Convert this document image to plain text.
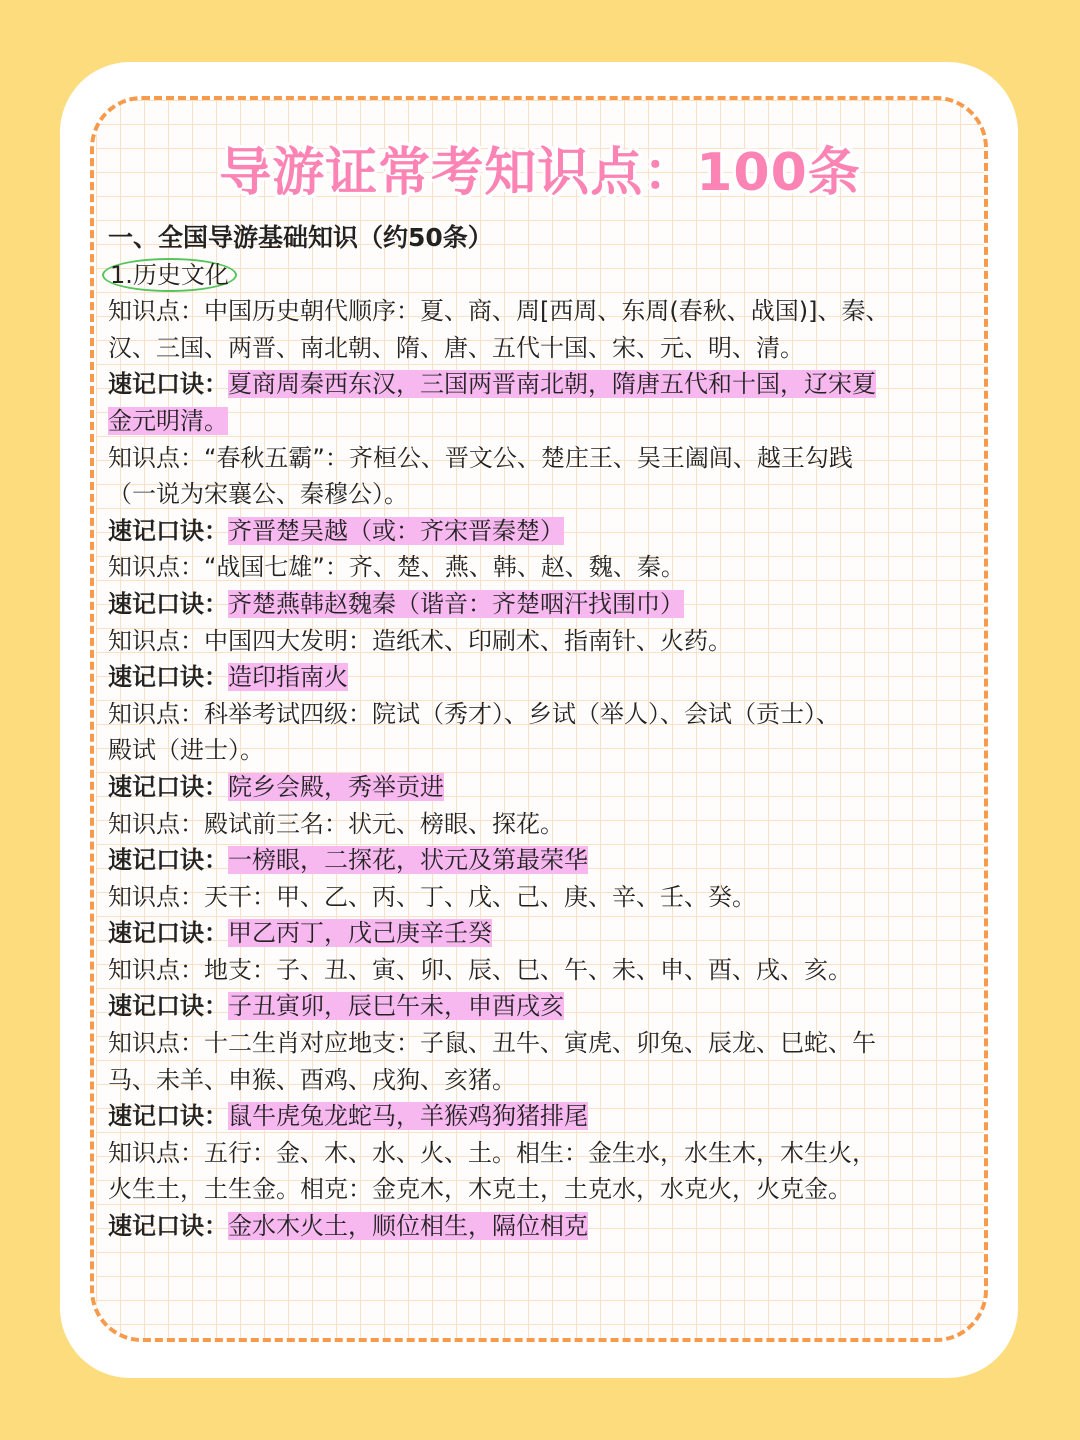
导游证常考知识点：100条
一、全国导游基础知识（约50条）
1.历史文化
知识点：中国历史朝代顺序：夏、商、周[西周、东周(春秋、战国)]、秦、
汉、三国、两晋、南北朝、隋、唐、五代十国、宋、元、明、清。
速记口诀：夏商周秦西东汉，三国两晋南北朝，隋唐五代和十国，辽宋夏
金元明清。
知识点：“春秋五霸”：齐桓公、晋文公、楚庄王、吴王阖闾、越王勾践
（一说为宋襄公、秦穆公）。
速记口诀：齐晋楚吴越（或：齐宋晋秦楚）
知识点：“战国七雄”：齐、楚、燕、韩、赵、魏、秦。
速记口诀：齐楚燕韩赵魏秦（谐音：齐楚咽汗找围巾）
知识点：中国四大发明：造纸术、印刷术、指南针、火药。
速记口诀：造印指南火
知识点：科举考试四级：院试（秀才）、乡试（举人）、会试（贡士）、
殿试（进士）。
速记口诀：院乡会殿，秀举贡进
知识点：殿试前三名：状元、榜眼、探花。
速记口诀：一榜眼，二探花，状元及第最荣华
知识点：天干：甲、乙、丙、丁、戊、己、庚、辛、壬、癸。
速记口诀：甲乙丙丁，戊己庚辛壬癸
知识点：地支：子、丑、寅、卯、辰、巳、午、未、申、酉、戌、亥。
速记口诀：子丑寅卯，辰巳午未，申酉戌亥
知识点：十二生肖对应地支：子鼠、丑牛、寅虎、卯兔、辰龙、巳蛇、午
马、未羊、申猴、酉鸡、戌狗、亥猪。
速记口诀：鼠牛虎兔龙蛇马，羊猴鸡狗猪排尾
知识点：五行：金、木、水、火、土。相生：金生水，水生木，木生火，
火生土，土生金。相克：金克木，木克土，土克水，水克火，火克金。
速记口诀：金水木火土，顺位相生，隔位相克
